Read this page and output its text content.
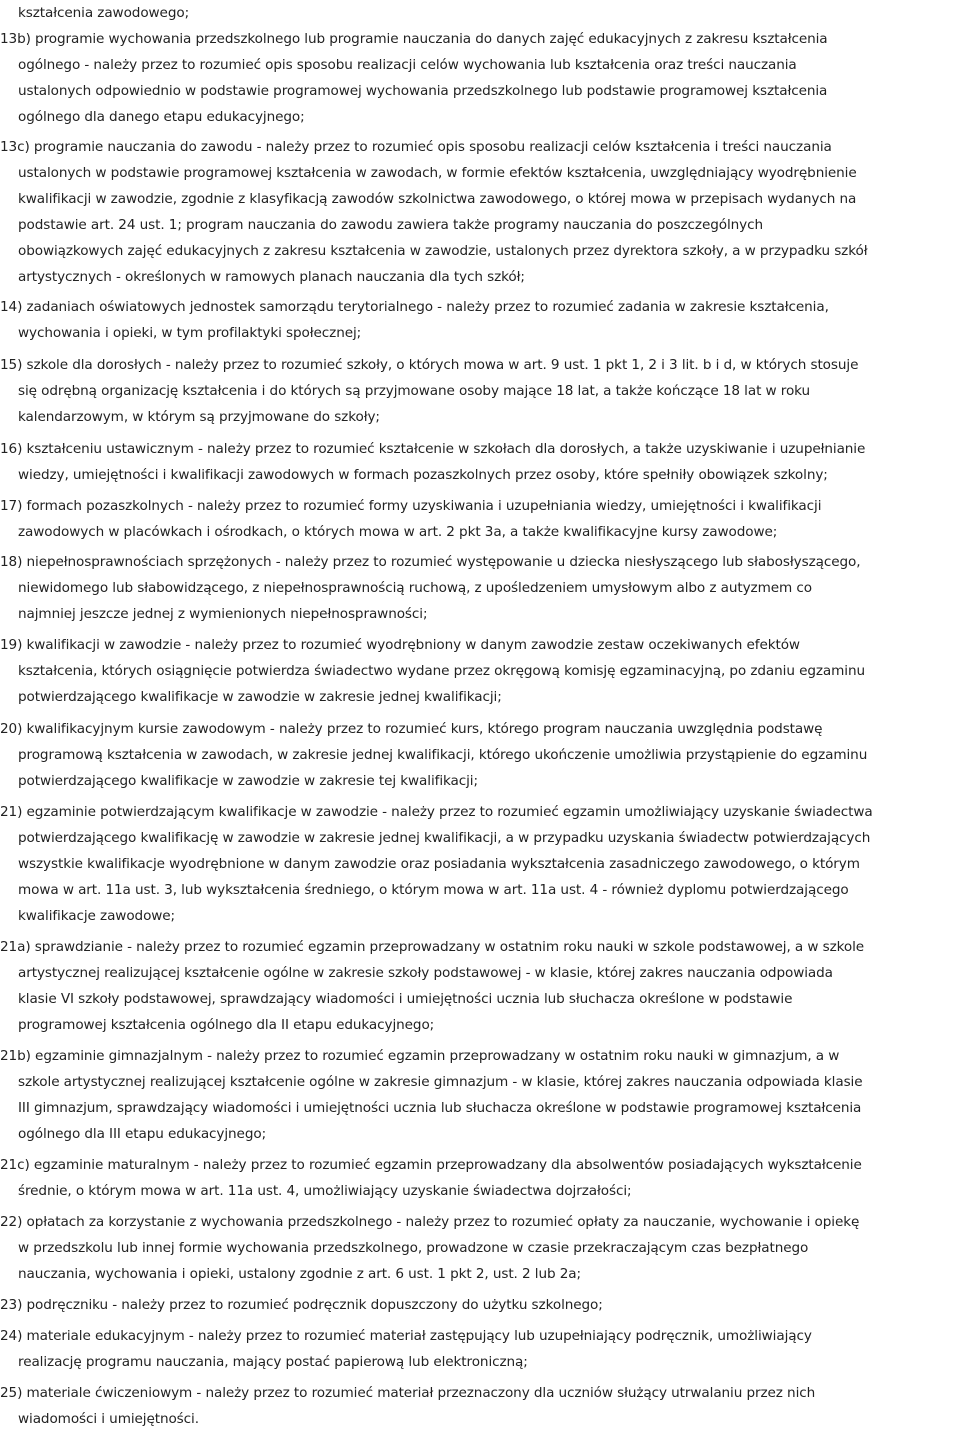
kształcenia zawodowego;
13b) programie wychowania przedszkolnego lub programie nauczania do danych zajęć edukacyjnych z zakresu kształcenia
ogólnego - należy przez to rozumieć opis sposobu realizacji celów wychowania lub kształcenia oraz treści nauczania
ustalonych odpowiednio w podstawie programowej wychowania przedszkolnego lub podstawie programowej kształcenia
ogólnego dla danego etapu edukacyjnego;
13c) programie nauczania do zawodu - należy przez to rozumieć opis sposobu realizacji celów kształcenia i treści nauczania
ustalonych w podstawie programowej kształcenia w zawodach, w formie efektów kształcenia, uwzględniający wyodrębnienie
kwalifikacji w zawodzie, zgodnie z klasyfikacją zawodów szkolnictwa zawodowego, o której mowa w przepisach wydanych na
podstawie art. 24 ust. 1; program nauczania do zawodu zawiera także programy nauczania do poszczególnych
obowiązkowych zajęć edukacyjnych z zakresu kształcenia w zawodzie, ustalonych przez dyrektora szkoły, a w przypadku szkół
artystycznych - określonych w ramowych planach nauczania dla tych szkół;
14) zadaniach oświatowych jednostek samorządu terytorialnego - należy przez to rozumieć zadania w zakresie kształcenia,
wychowania i opieki, w tym profilaktyki społecznej;
15) szkole dla dorosłych - należy przez to rozumieć szkoły, o których mowa w art. 9 ust. 1 pkt 1, 2 i 3 lit. b i d, w których stosuje
się odrębną organizację kształcenia i do których są przyjmowane osoby mające 18 lat, a także kończące 18 lat w roku
kalendarzowym, w którym są przyjmowane do szkoły;
16) kształceniu ustawicznym - należy przez to rozumieć kształcenie w szkołach dla dorosłych, a także uzyskiwanie i uzupełnianie
wiedzy, umiejętności i kwalifikacji zawodowych w formach pozaszkolnych przez osoby, które spełniły obowiązek szkolny;
17) formach pozaszkolnych - należy przez to rozumieć formy uzyskiwania i uzupełniania wiedzy, umiejętności i kwalifikacji
zawodowych w placówkach i ośrodkach, o których mowa w art. 2 pkt 3a, a także kwalifikacyjne kursy zawodowe;
18) niepełnosprawnościach sprzężonych - należy przez to rozumieć występowanie u dziecka niesłyszącego lub słabosłyszącego,
niewidomego lub słabowidzącego, z niepełnosprawnością ruchową, z upośledzeniem umysłowym albo z autyzmem co
najmniej jeszcze jednej z wymienionych niepełnosprawności;
19) kwalifikacji w zawodzie - należy przez to rozumieć wyodrębniony w danym zawodzie zestaw oczekiwanych efektów
kształcenia, których osiągnięcie potwierdza świadectwo wydane przez okręgową komisję egzaminacyjną, po zdaniu egzaminu
potwierdzającego kwalifikacje w zawodzie w zakresie jednej kwalifikacji;
20) kwalifikacyjnym kursie zawodowym - należy przez to rozumieć kurs, którego program nauczania uwzględnia podstawę
programową kształcenia w zawodach, w zakresie jednej kwalifikacji, którego ukończenie umożliwia przystąpienie do egzaminu
potwierdzającego kwalifikacje w zawodzie w zakresie tej kwalifikacji;
21) egzaminie potwierdzającym kwalifikacje w zawodzie - należy przez to rozumieć egzamin umożliwiający uzyskanie świadectwa
potwierdzającego kwalifikację w zawodzie w zakresie jednej kwalifikacji, a w przypadku uzyskania świadectw potwierdzających
wszystkie kwalifikacje wyodrębnione w danym zawodzie oraz posiadania wykształcenia zasadniczego zawodowego, o którym
mowa w art. 11a ust. 3, lub wykształcenia średniego, o którym mowa w art. 11a ust. 4 - również dyplomu potwierdzającego
kwalifikacje zawodowe;
21a) sprawdzianie - należy przez to rozumieć egzamin przeprowadzany w ostatnim roku nauki w szkole podstawowej, a w szkole
artystycznej realizującej kształcenie ogólne w zakresie szkoły podstawowej - w klasie, której zakres nauczania odpowiada
klasie VI szkoły podstawowej, sprawdzający wiadomości i umiejętności ucznia lub słuchacza określone w podstawie
programowej kształcenia ogólnego dla II etapu edukacyjnego;
21b) egzaminie gimnazjalnym - należy przez to rozumieć egzamin przeprowadzany w ostatnim roku nauki w gimnazjum, a w
szkole artystycznej realizującej kształcenie ogólne w zakresie gimnazjum - w klasie, której zakres nauczania odpowiada klasie
III gimnazjum, sprawdzający wiadomości i umiejętności ucznia lub słuchacza określone w podstawie programowej kształcenia
ogólnego dla III etapu edukacyjnego;
21c) egzaminie maturalnym - należy przez to rozumieć egzamin przeprowadzany dla absolwentów posiadających wykształcenie
średnie, o którym mowa w art. 11a ust. 4, umożliwiający uzyskanie świadectwa dojrzałości;
22) opłatach za korzystanie z wychowania przedszkolnego - należy przez to rozumieć opłaty za nauczanie, wychowanie i opiekę
w przedszkolu lub innej formie wychowania przedszkolnego, prowadzone w czasie przekraczającym czas bezpłatnego
nauczania, wychowania i opieki, ustalony zgodnie z art. 6 ust. 1 pkt 2, ust. 2 lub 2a;
23) podręczniku - należy przez to rozumieć podręcznik dopuszczony do użytku szkolnego;
24) materiale edukacyjnym - należy przez to rozumieć materiał zastępujący lub uzupełniający podręcznik, umożliwiający
realizację programu nauczania, mający postać papierową lub elektroniczną;
25) materiale ćwiczeniowym - należy przez to rozumieć materiał przeznaczony dla uczniów służący utrwalaniu przez nich
wiadomości i umiejętności.
